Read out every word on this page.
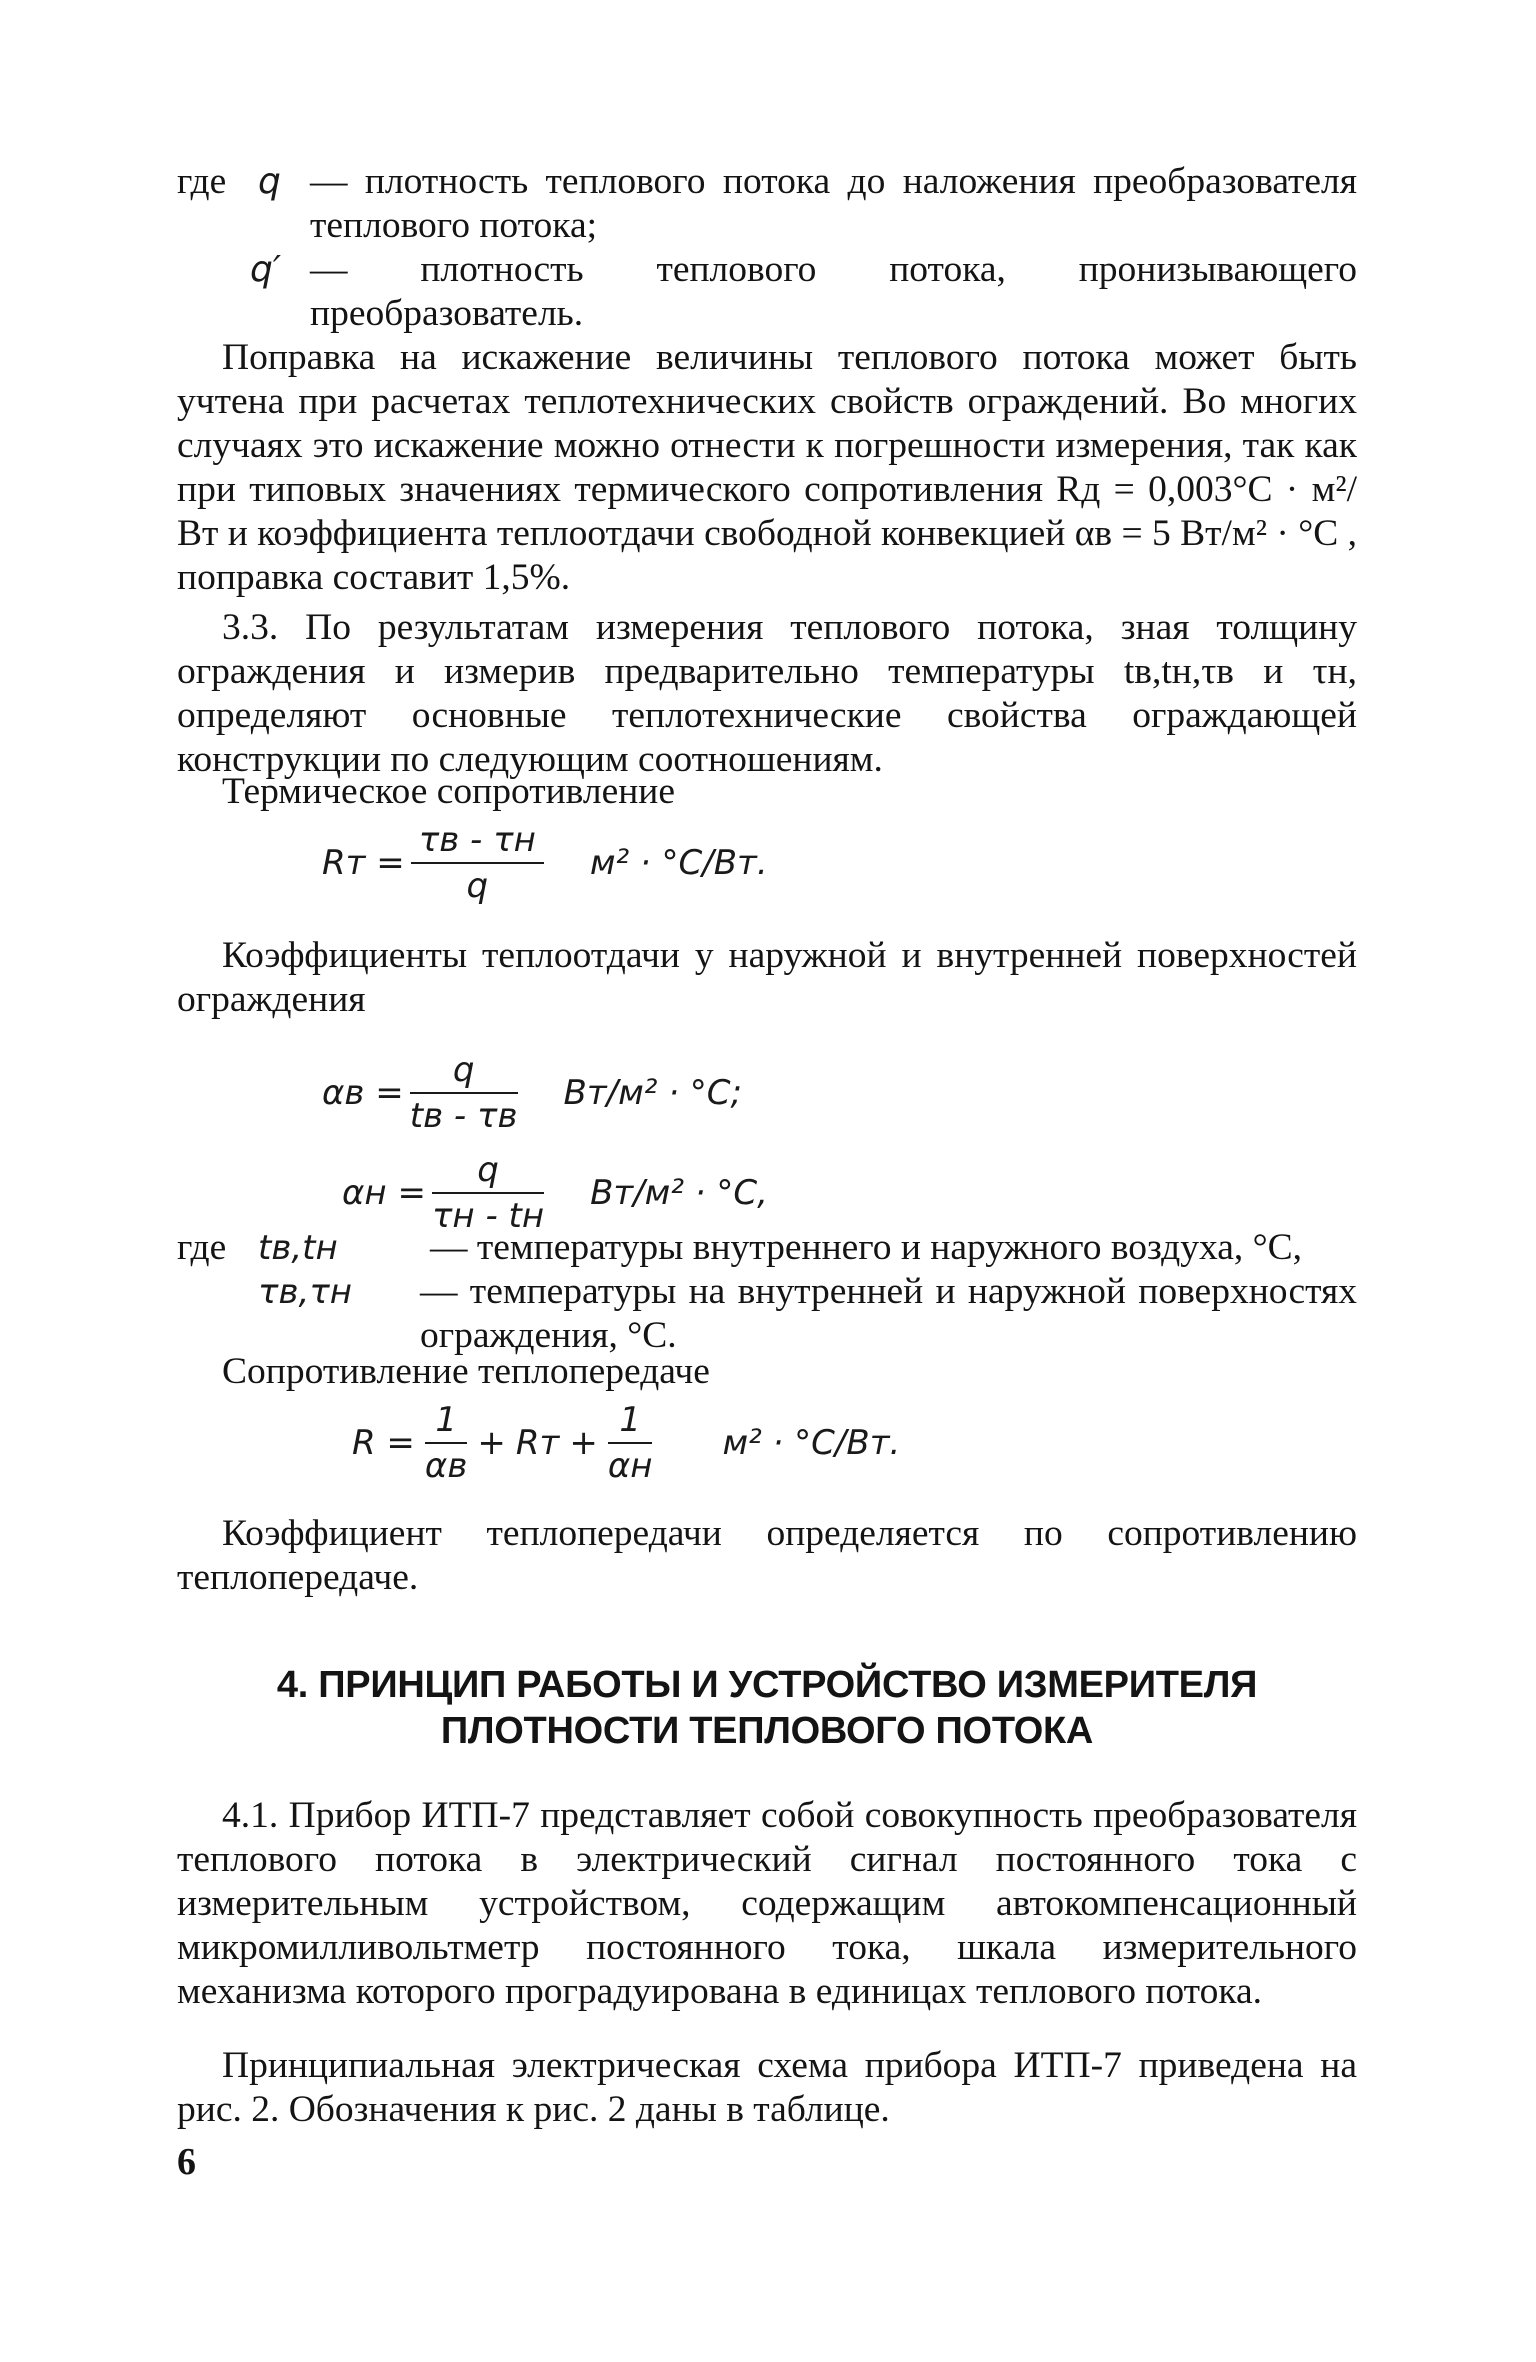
где q — плотность теплового потока до наложения преобразователя теплового потока;
q′ — плотность теплового потока, пронизывающего преобразователь.
Поправка на искажение величины теплового потока может быть учтена при расчетах теплотехнических свойств ограждений. Во многих случаях это искажение можно отнести к погрешности измерения, так как при типовых значениях термического сопротивления Rд = 0,003°С · м²/Вт и коэффициента теплоотдачи свободной конвекцией αв = 5 Вт/м² · °С , поправка составит 1,5%.
3.3. По результатам измерения теплового потока, зная толщину ограждения и измерив предварительно температуры tв,tн,τв и τн, определяют основные теплотехнические свойства ограждающей конструкции по следующим соотношениям.
Термическое сопротивление
Rт = $\frac{\tau в - \tau н}{q} м^2 \cdot ^\circ С/Вт$.
Коэффициенты теплоотдачи у наружной и внутренней поверхностей ограждения
$\alpha в = \frac{q}{tв - \tau в} Вт/м^2 \cdot ^\circ С$;
$\alpha н = \frac{q}{\tau н - tн} Вт/м^2 \cdot ^\circ С$,
где tв,tн — температуры внутреннего и наружного воздуха, °С,
τв,τн	— температуры на внутренней и наружной поверхностях ограждения, °С.
Сопротивление теплопередаче
$R = \frac{1}{\alpha в}$ + Rт + $\frac{1}{\alpha н} м^2 \cdot ^\circ С/Вт$.
Коэффициент теплопередачи определяется по сопротивлению теплопередаче.
4. ПРИНЦИП РАБОТЫ И УСТРОЙСТВО ИЗМЕРИТЕЛЯ
ПЛОТНОСТИ ТЕПЛОВОГО ПОТОКА
4.1. Прибор ИТП-7 представляет собой совокупность преобразователя теплового потока в электрический сигнал постоянного тока с измерительным устройством, содержащим автокомпенсационный микромилливольтметр постоянного тока, шкала измерительного механизма которого проградуирована в единицах теплового потока.
Принципиальная электрическая схема прибора ИТП-7 приведена на рис. 2. Обозначения к рис. 2 даны в таблице.
6
